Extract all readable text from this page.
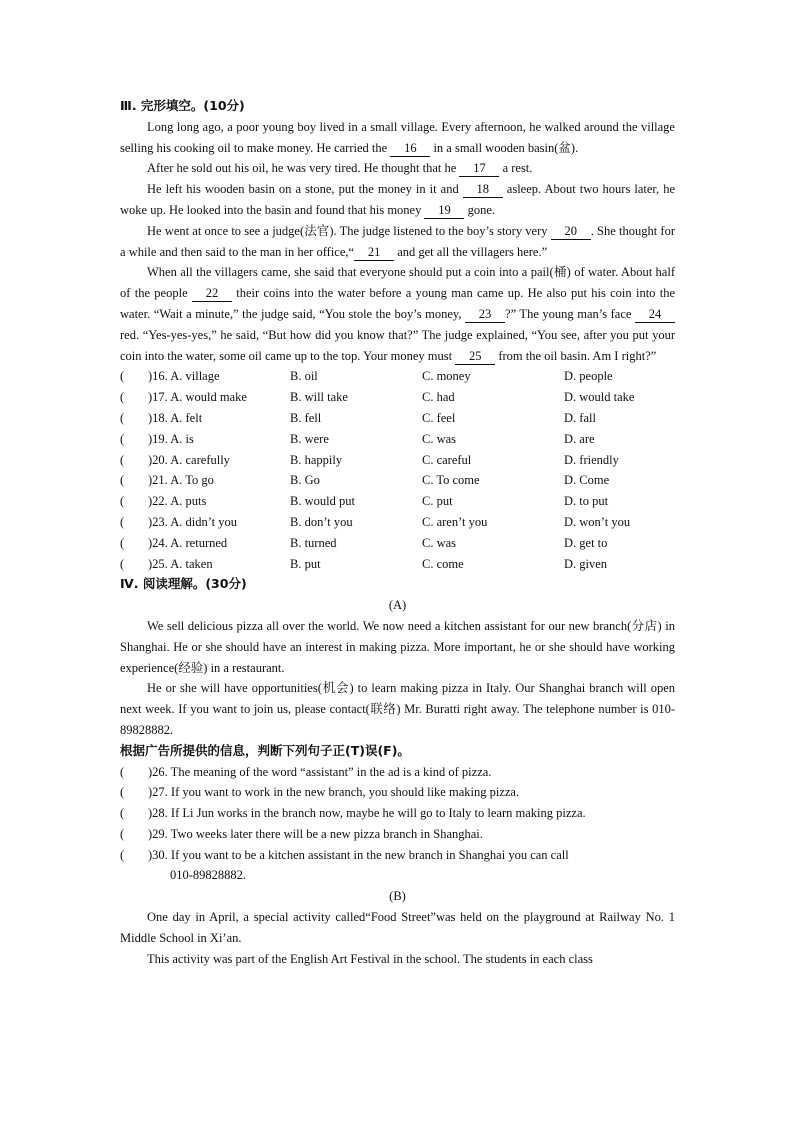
Ⅲ. 完形填空。(10分)

Long long ago, a poor young boy lived in a small village. Every afternoon, he walked around the village selling his cooking oil to make money. He carried the 16 in a small wooden basin(盆).

After he sold out his oil, he was very tired. He thought that he 17 a rest.

He left his wooden basin on a stone, put the money in it and 18 asleep. About two hours later, he woke up. He looked into the basin and found that his money 19 gone.

He went at once to see a judge(法官). The judge listened to the boy’s story very 20 . She thought for a while and then said to the man in her office,“ 21 and get all the villagers here.”

When all the villagers came, she said that everyone should put a coin into a pail(桶) of water. About half of the people 22 their coins into the water before a young man came up. He also put his coin into the water. “Wait a minute,” the judge said, “You stole the boy’s money, 23 ?” The young man’s face 24 red. “Yes-yes-yes,” he said, “But how did you know that?” The judge explained, “You see, after you put your coin into the water, some oil came up to the top. Your money must 25 from the oil basin. Am I right?”

(	)16. A. village	B. oil	C. money	D. people
(	)17. A. would make	B. will take	C. had	D. would take
(	)18. A. felt	B. fell	C. feel	D. fall
(	)19. A. is	B. were	C. was	D. are
(	)20. A. carefully	B. happily	C. careful	D. friendly
(	)21. A. To go	B. Go	C. To come	D. Come
(	)22. A. puts	B. would put	C. put	D. to put
(	)23. A. didn’t you	B. don’t you	C. aren’t you	D. won’t you
(	)24. A. returned	B. turned	C. was	D. get to
(	)25. A. taken	B. put	C. come	D. given
Ⅳ. 阅读理解。(30分)
(A)

We sell delicious pizza all over the world. We now need a kitchen assistant for our new branch(分店) in Shanghai. He or she should have an interest in making pizza. More important, he or she should have working experience(经验) in a restaurant.

He or she will have opportunities(机会) to learn making pizza in Italy. Our Shanghai branch will open next week. If you want to join us, please contact(联络) Mr. Buratti right away. The telephone number is 010-89828882.

根据广告所提供的信息，判断下列句子正(T)误(F)。
(	)26. The meaning of the word “assistant” in the ad is a kind of pizza.
(	)27. If you want to work in the new branch, you should like making pizza.
(	)28. If Li Jun works in the branch now, maybe he will go to Italy to learn making pizza.
(	)29. Two weeks later there will be a new pizza branch in Shanghai.
(	)30. If you want to be a kitchen assistant in the new branch in Shanghai you can call
010-89828882.
(B)

One day in April, a special activity called“Food Street”was held on the playground at Railway No. 1 Middle School in Xi’an.

This activity was part of the English Art Festival in the school. The students in each class
